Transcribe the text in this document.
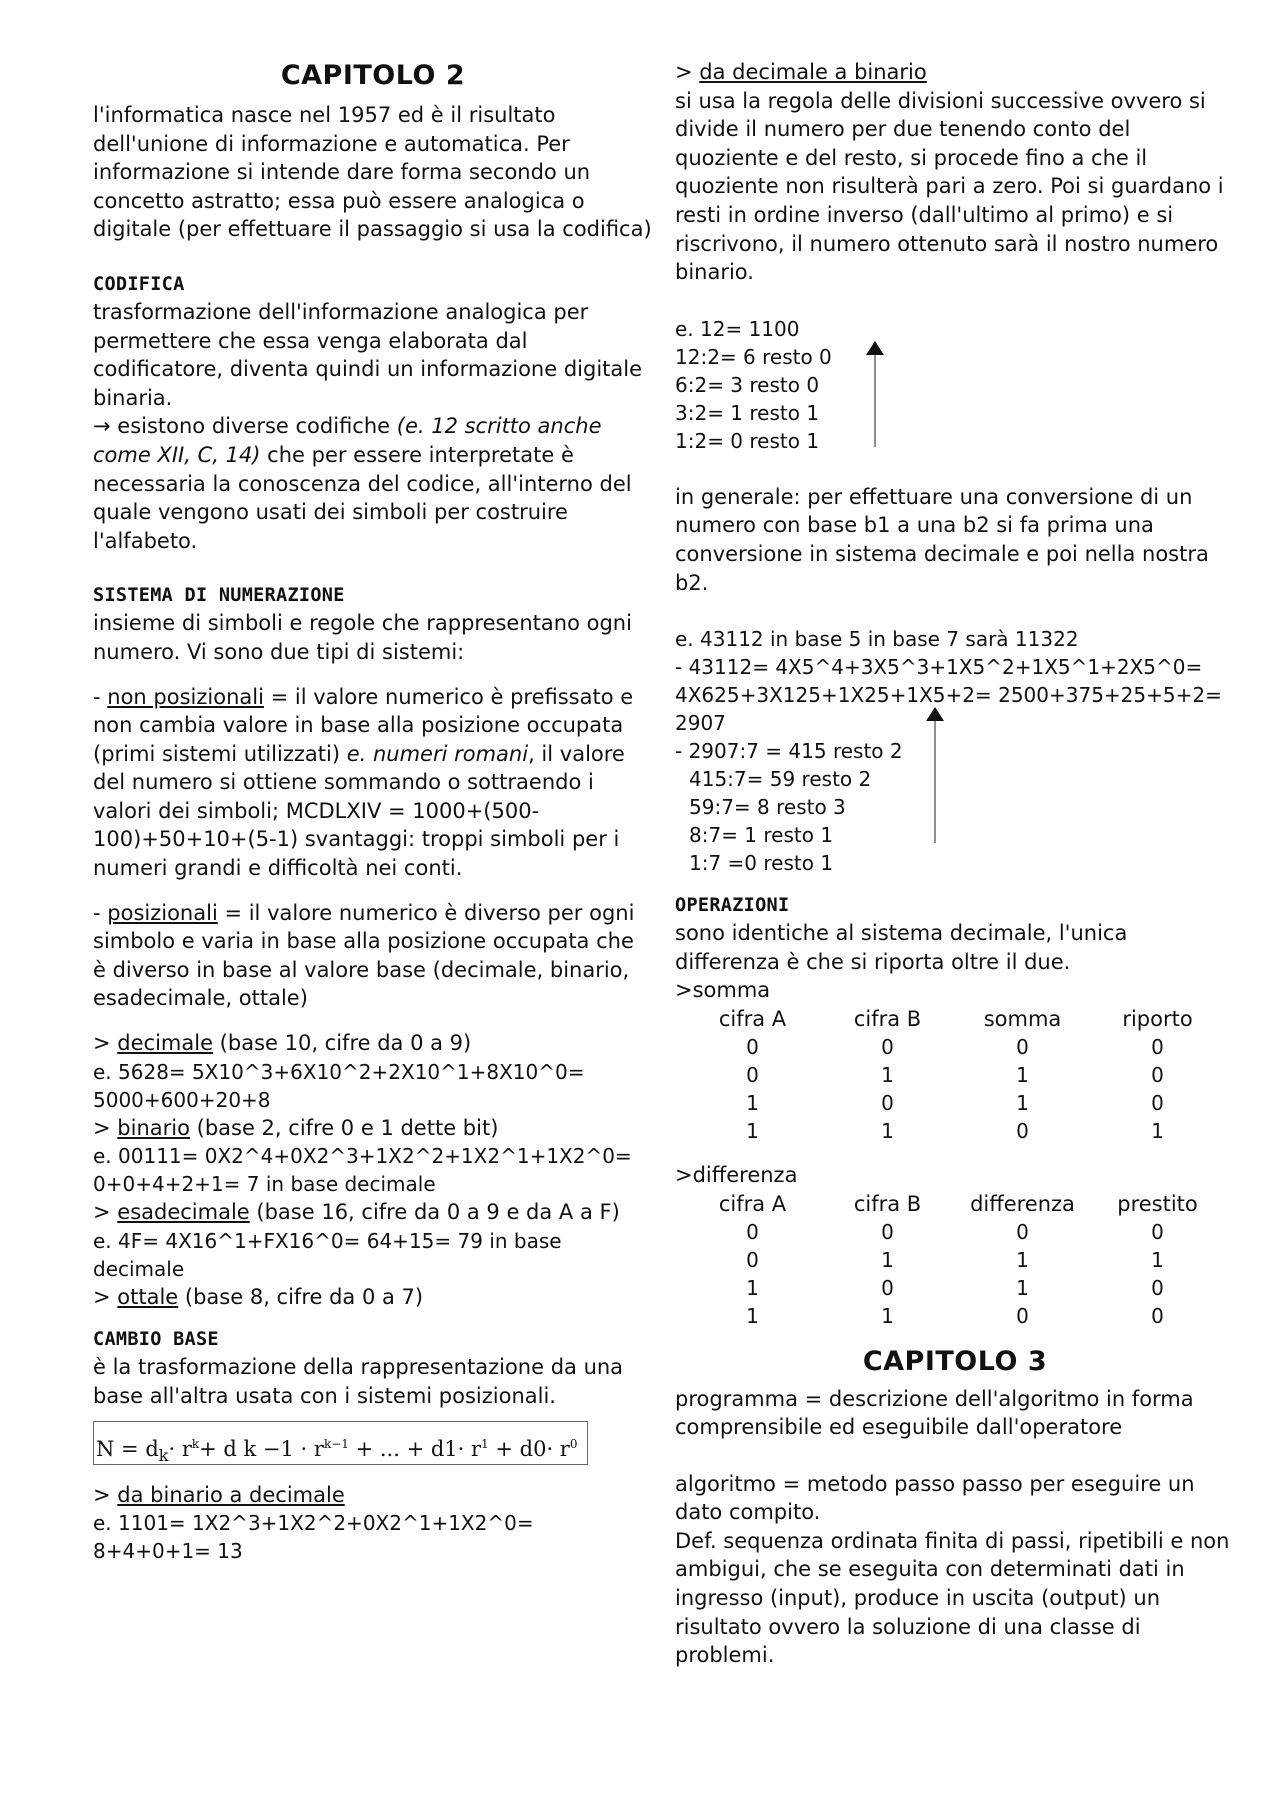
CAPITOLO 2

l'informatica nasce nel 1957 ed è il risultato dell'unione di informazione e automatica. Per informazione si intende dare forma secondo un concetto astratto; essa può essere analogica o digitale (per effettuare il passaggio si usa la codifica)

CODIFICA

trasformazione dell'informazione analogica per permettere che essa venga elaborata dal codificatore, diventa quindi un informazione digitale binaria.

→ esistono diverse codifiche (e. 12 scritto anche come XII, C, 14) che per essere interpretate è necessaria la conoscenza del codice, all'interno del quale vengono usati dei simboli per costruire l'alfabeto.

SISTEMA DI NUMERAZIONE

insieme di simboli e regole che rappresentano ogni numero. Vi sono due tipi di sistemi:

- non posizionali = il valore numerico è prefissato e non cambia valore in base alla posizione occupata (primi sistemi utilizzati) e. numeri romani, il valore del numero si ottiene sommando o sottraendo i valori dei simboli; MCDLXIV = 1000+(500-100)+50+10+(5-1) svantaggi: troppi simboli per i numeri grandi e difficoltà nei conti.

- posizionali = il valore numerico è diverso per ogni simbolo e varia in base alla posizione occupata che è diverso in base al valore base (decimale, binario, esadecimale, ottale)

> decimale (base 10, cifre da 0 a 9)

e. 5628= 5X10^3+6X10^2+2X10^1+8X10^0= 5000+600+20+8

> binario (base 2, cifre 0 e 1 dette bit)

e. 00111= 0X2^4+0X2^3+1X2^2+1X2^1+1X2^0= 0+0+4+2+1= 7 in base decimale

> esadecimale (base 16, cifre da 0 a 9 e da A a F)

e. 4F= 4X16^1+FX16^0= 64+15= 79 in base decimale

> ottale (base 8, cifre da 0 a 7)

CAMBIO BASE

è la trasformazione della rappresentazione da una base all'altra usata con i sistemi posizionali.

$N = d_k\cdot r^k+ d$ $k -1 \cdot r^{k-1}$ + ... + $d1\cdot r^1 + d0\cdot r^0$

> da binario a decimale

e. 1101= 1X2^3+1X2^2+0X2^1+1X2^0= 8+4+0+1= 13

> da decimale a binario

si usa la regola delle divisioni successive ovvero si divide il numero per due tenendo conto del quoziente e del resto, si procede fino a che il quoziente non risulterà pari a zero. Poi si guardano i resti in ordine inverso (dall'ultimo al primo) e si riscrivono, il numero ottenuto sarà il nostro numero binario.

e. 12= 1100

12:2= 6 resto 0

6:2= 3 resto 0

3:2= 1 resto 1

1:2= 0 resto 1

in generale: per effettuare una conversione di un numero con base b1 a una b2 si fa prima una conversione in sistema decimale e poi nella nostra b2.

e. 43112 in base 5 in base 7 sarà 11322

- 43112= 4X5^4+3X5^3+1X5^2+1X5^1+2X5^0=

4X625+3X125+1X25+1X5+2= 2500+375+25+5+2= 2907

- 2907:7 = 415 resto 2

415:7= 59 resto 2

59:7= 8 resto 3

8:7= 1 resto 1

1:7 =0 resto 1

OPERAZIONI

sono identiche al sistema decimale, l'unica differenza è che si riporta oltre il due.

>somma

cifra A	cifra B	somma	riporto
0	0	0	0
0	1	1	0
1	0	1	0
1	1	0	1

>differenza

cifra A	cifra B	differenza	prestito
0	0	0	0
0	1	1	1
1	0	1	0
1	1	0	0
CAPITOLO 3

programma = descrizione dell'algoritmo in forma comprensibile ed eseguibile dall'operatore

algoritmo = metodo passo passo per eseguire un dato compito.

Def. sequenza ordinata finita di passi, ripetibili e non ambigui, che se eseguita con determinati dati in ingresso (input), produce in uscita (output) un risultato ovvero la soluzione di una classe di problemi.
